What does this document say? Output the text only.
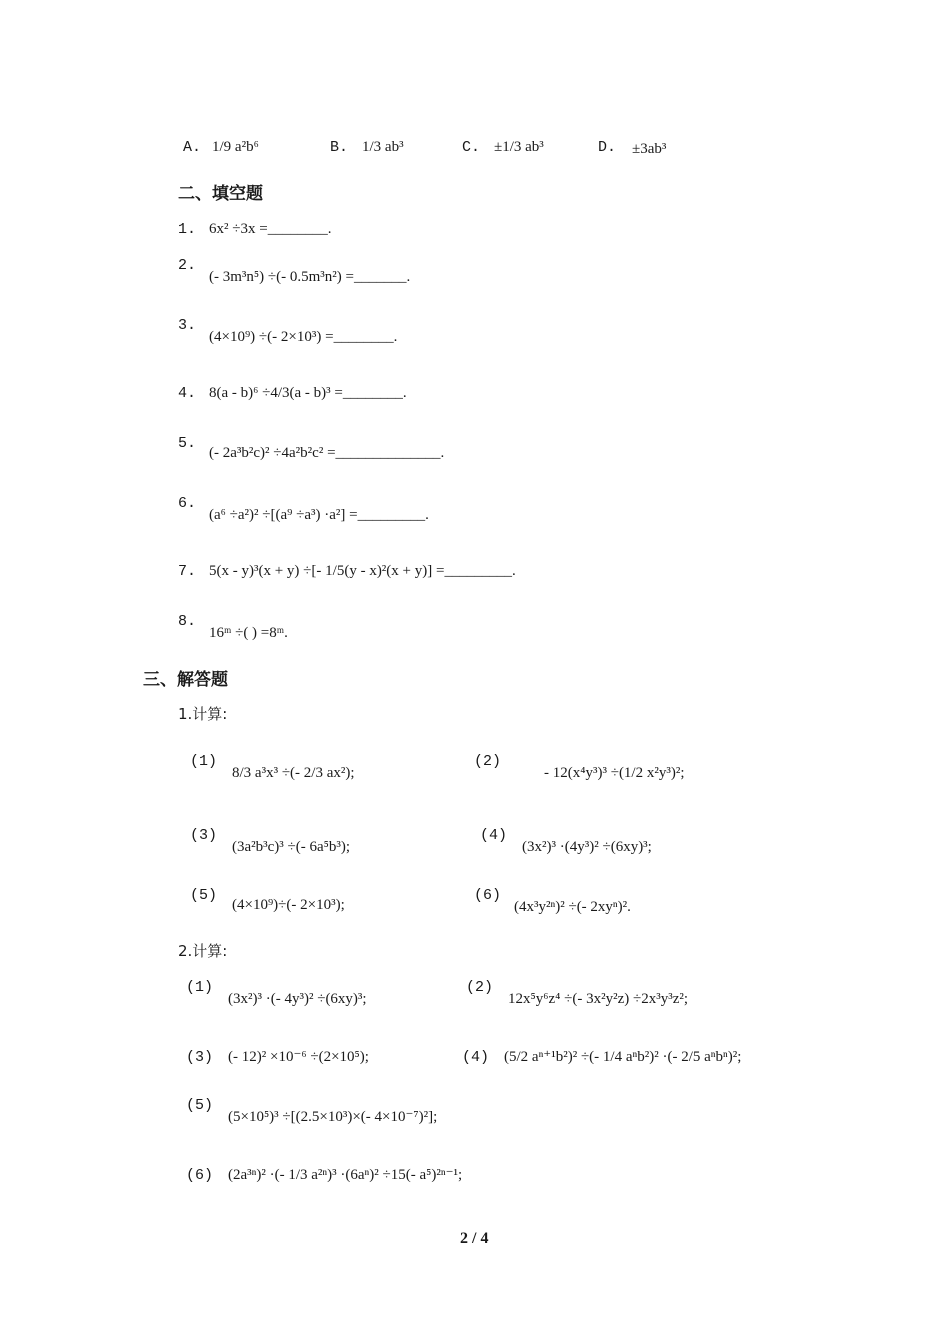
A. 1/9 a²b⁶	B. 1/3 ab³	C. ±1/3 ab³	D. ±3ab³
二、填空题
1. 6x² ÷3x =________.
2.
(- 3m³n⁵) ÷(- 0.5m³n²) =_______.
3.
(4×10⁹) ÷(- 2×10³) =________.
4. 8(a - b)⁶ ÷4/3(a - b)³ =________.
5.
(- 2a³b²c)² ÷4a²b²c² =______________.
6.
(a⁶ ÷a²)² ÷[(a⁹ ÷a³) ·a²] =_________.
7. 5(x - y)³(x + y) ÷[- 1/5(y - x)²(x + y)] =_________.
8.
16ᵐ ÷( ) =8ᵐ.
三、解答题
1.计算:
(1)
8/3 a³x³ ÷(- 2/3 ax²);
(2)
- 12(x⁴y³)³ ÷(1/2 x²y³)²;
(3)
(3a²b³c)³ ÷(- 6a⁵b³);
(4)
(3x²)³ ·(4y³)² ÷(6xy)³;
(5)
(4×10⁹)÷(- 2×10³);
(6)
(4x³y²ⁿ)² ÷(- 2xyⁿ)².
2.计算:
(1)
(3x²)³ ·(- 4y³)² ÷(6xy)³;
(2)
12x⁵y⁶z⁴ ÷(- 3x²y²z) ÷2x³y³z²;
(3) (- 12)² ×10⁻⁶ ÷(2×10⁵);	(4) (5/2 aⁿ⁺¹b²)² ÷(- 1/4 aⁿb²)² ·(- 2/5 aⁿbⁿ)²;
(5)
(5×10⁵)³ ÷[(2.5×10³)×(- 4×10⁻⁷)²];
(6) (2a³ⁿ)² ·(- 1/3 a²ⁿ)³ ·(6aⁿ)² ÷15(- a⁵)²ⁿ⁻¹;
2 / 4
